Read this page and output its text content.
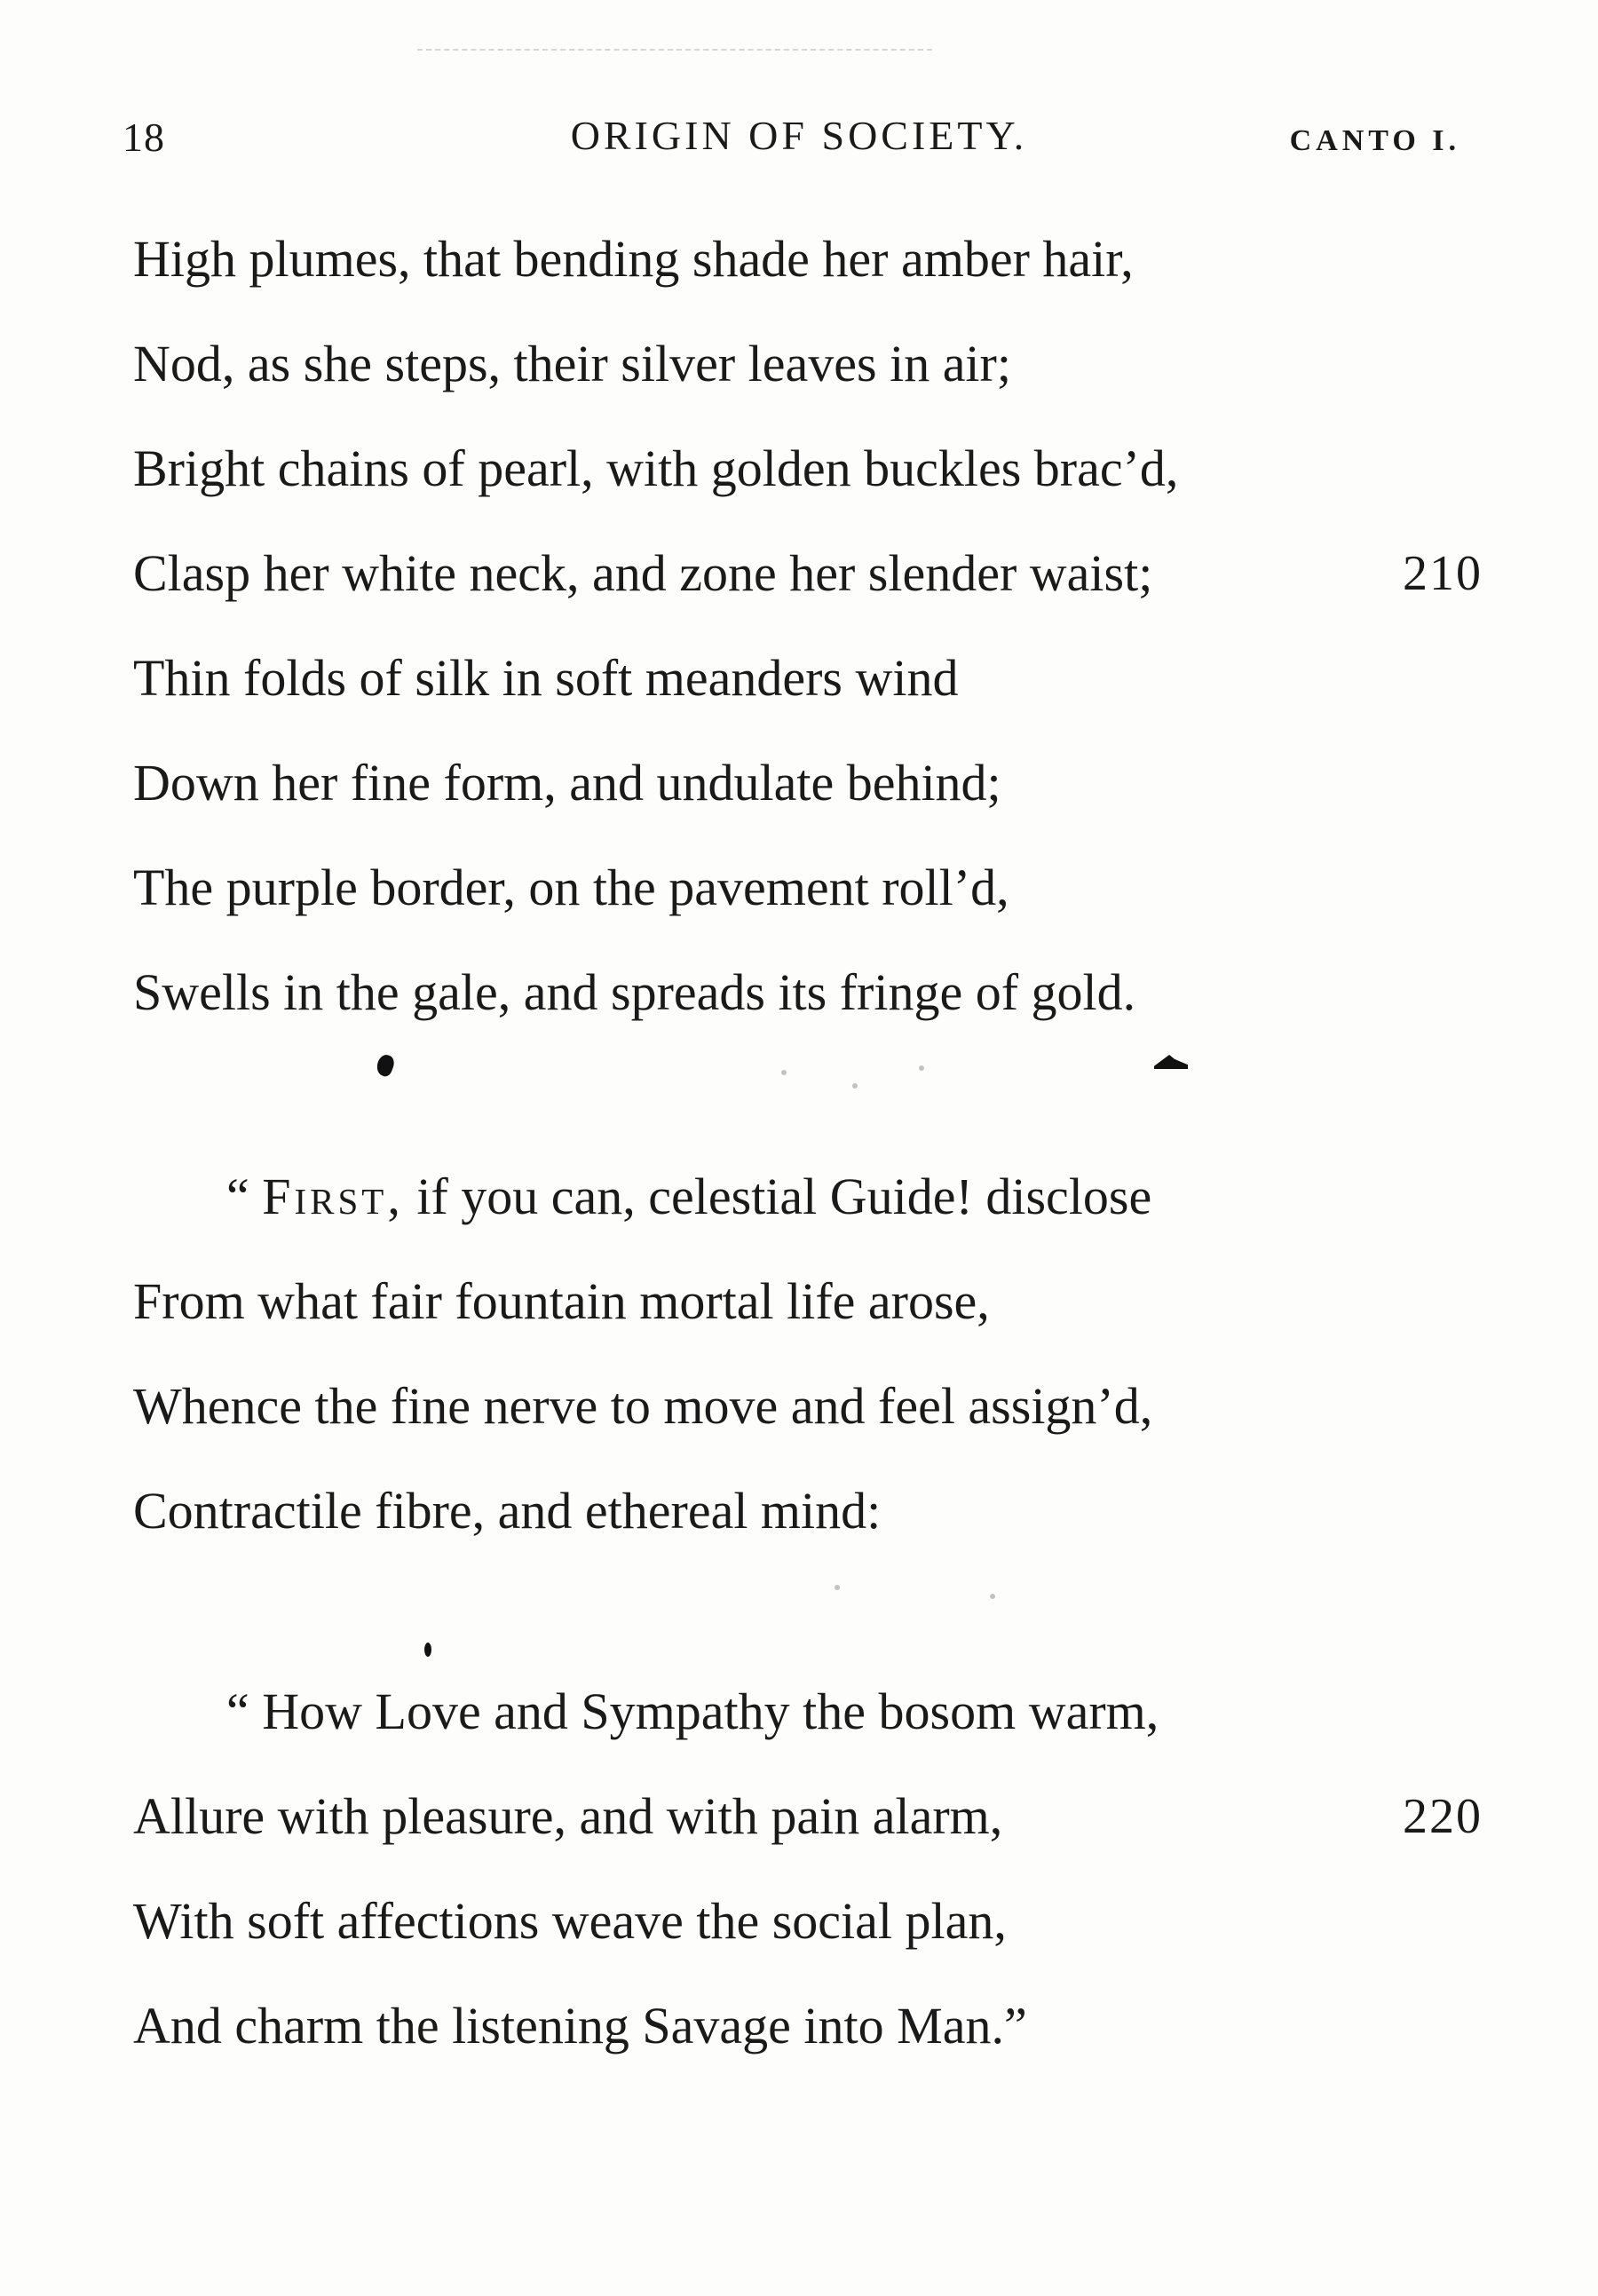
18	ORIGIN OF SOCIETY.	CANTO I.
High plumes, that bending shade her amber hair,
Nod, as she steps, their silver leaves in air;
Bright chains of pearl, with golden buckles brac’d,
Clasp her white neck, and zone her slender waist;	210
Thin folds of silk in soft meanders wind
Down her fine form, and undulate behind;
The purple border, on the pavement roll’d,
Swells in the gale, and spreads its fringe of gold.
“ First, if you can, celestial Guide! disclose
From what fair fountain mortal life arose,
Whence the fine nerve to move and feel assign’d,
Contractile fibre, and ethereal mind:
“ How Love and Sympathy the bosom warm,
Allure with pleasure, and with pain alarm,	220
With soft affections weave the social plan,
And charm the listening Savage into Man.”
